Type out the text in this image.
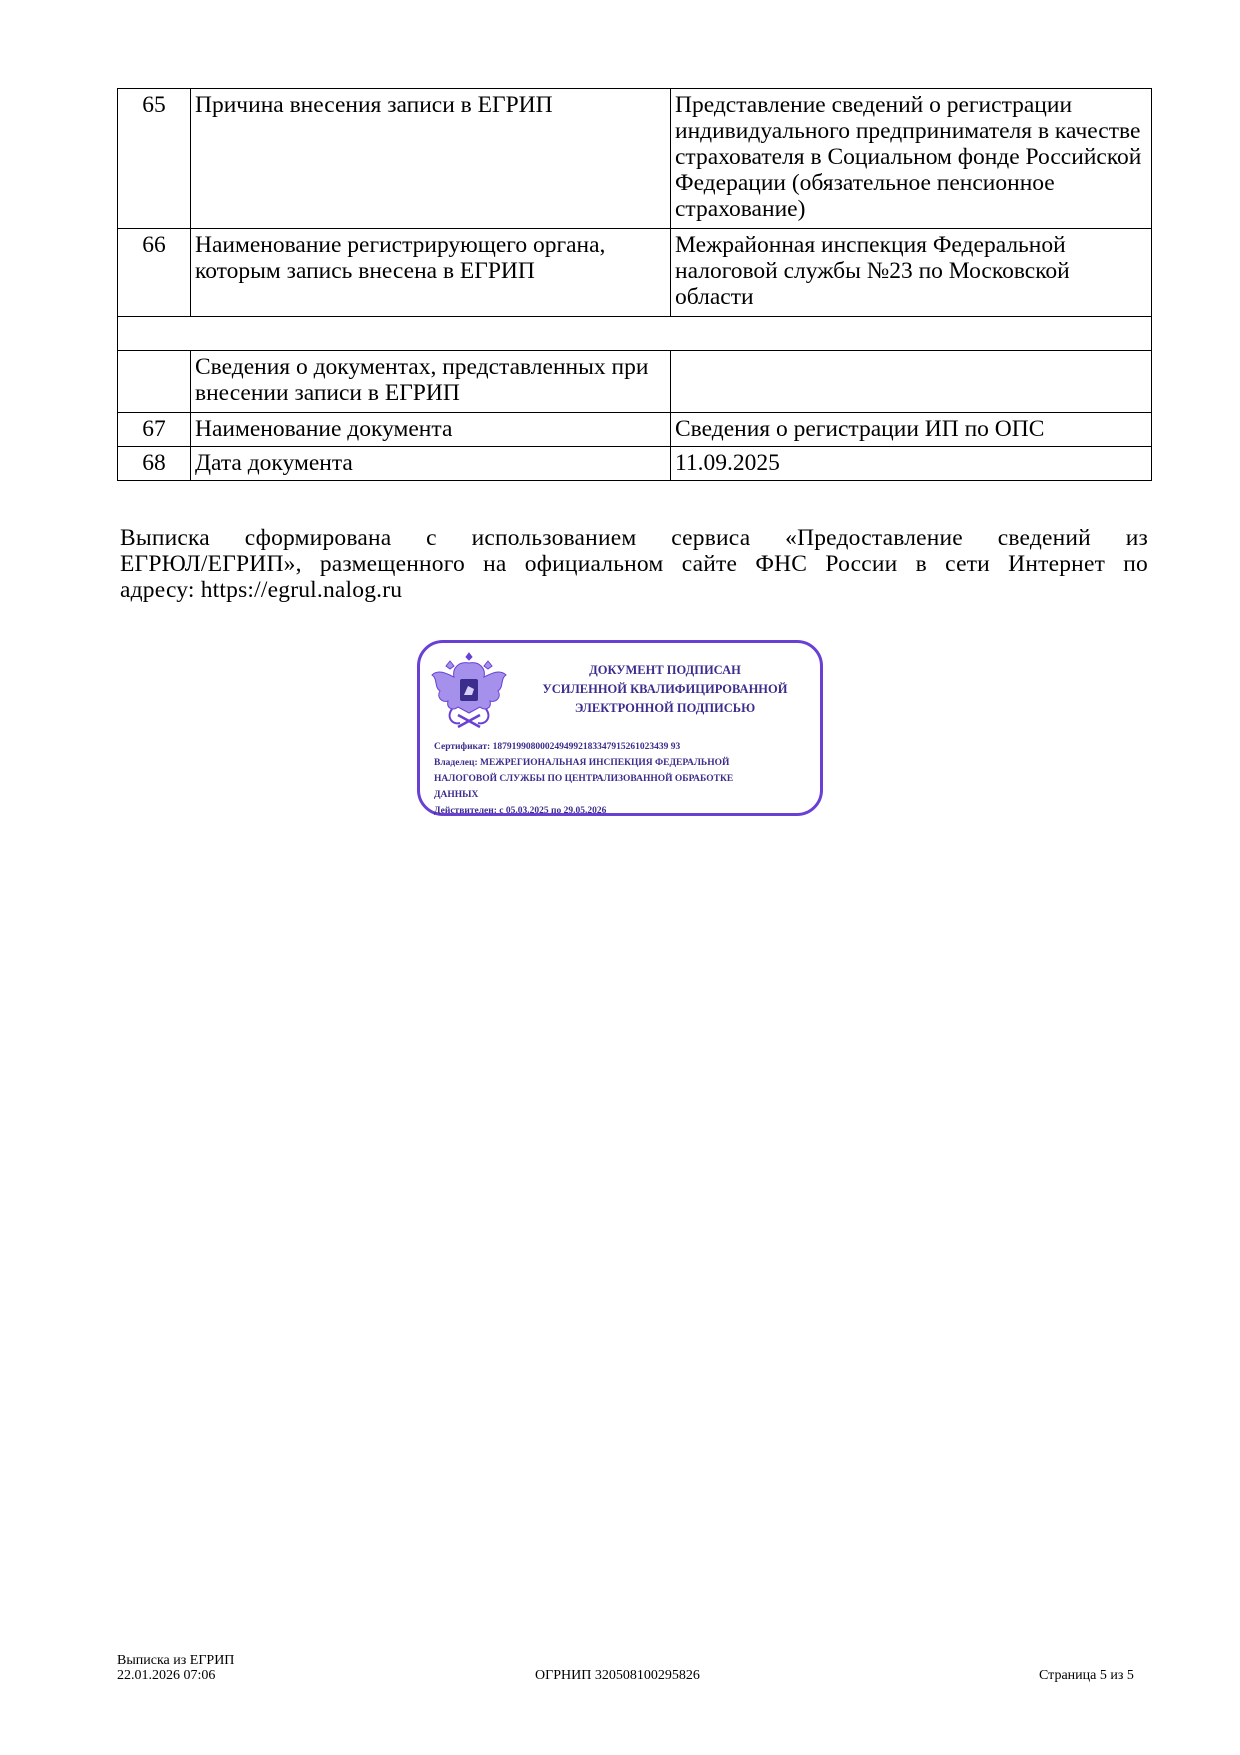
65	Причина внесения записи в ЕГРИП	Представление сведений о регистрации индивидуального предпринимателя в качестве страхователя в Социальном фонде Российской Федерации (обязательное пенсионное страхование)
66	Наименование регистрирующего органа, которым запись внесена в ЕГРИП	Межрайонная инспекция Федеральной налоговой службы №23 по Московской области

	Сведения о документах, представленных при внесении записи в ЕГРИП	
67	Наименование документа	Сведения о регистрации ИП по ОПС
68	Дата документа	11.09.2025
Выписка сформирована с использованием сервиса «Предоставление сведений из
ЕГРЮЛ/ЕГРИП», размещенного на официальном сайте ФНС России в сети Интернет по
адресу: https://egrul.nalog.ru
ДОКУМЕНТ ПОДПИСАН
УСИЛЕННОЙ КВАЛИФИЦИРОВАННОЙ
ЭЛЕКТРОННОЙ ПОДПИСЬЮ
Сертификат: 1879199080002494992183347915261023439 93
Владелец: МЕЖРЕГИОНАЛЬНАЯ ИНСПЕКЦИЯ ФЕДЕРАЛЬНОЙ
НАЛОГОВОЙ СЛУЖБЫ ПО ЦЕНТРАЛИЗОВАННОЙ ОБРАБОТКЕ
ДАННЫХ
Действителен: с 05.03.2025 по 29.05.2026
Выписка из ЕГРИП
22.01.2026 07:06	ОГРНИП 320508100295826	Страница 5 из 5
